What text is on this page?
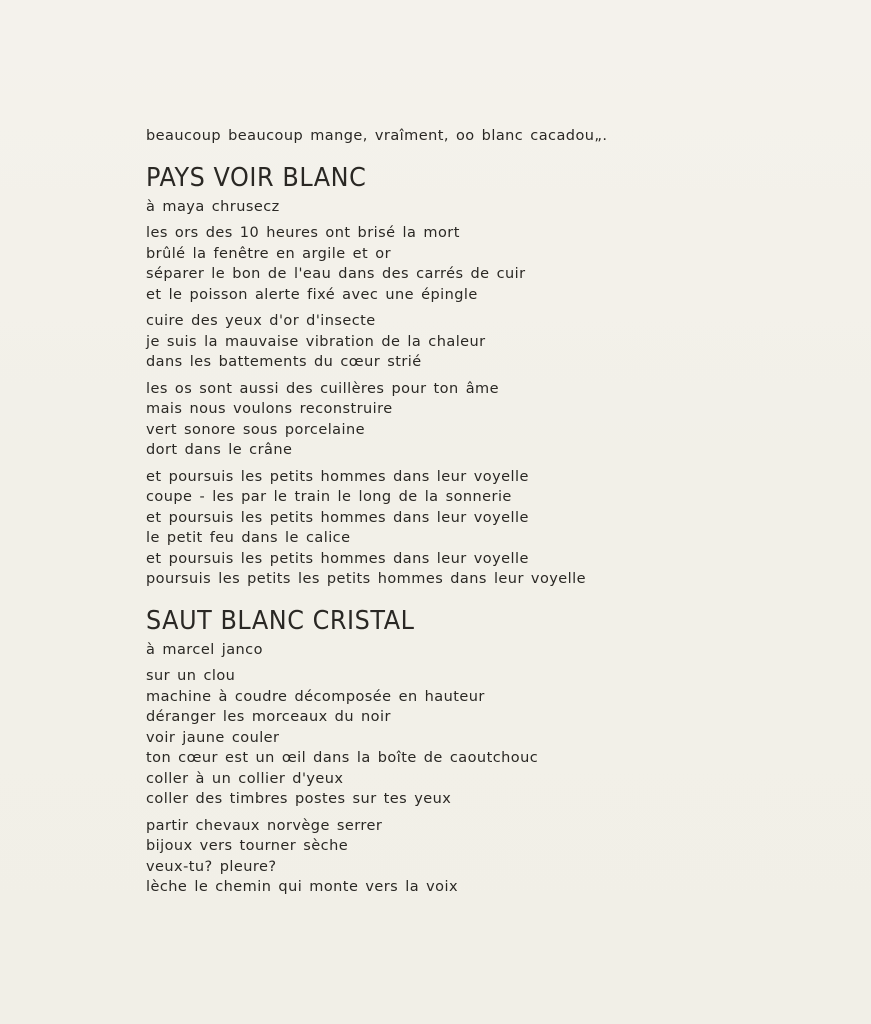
beaucoup beaucoup mange, vraîment, oo blanc cacadou„.
PAYS VOIR BLANC
à maya chrusecz
les ors des 10 heures ont brisé la mort
brûlé la fenêtre en argile et or
séparer le bon de l'eau dans des carrés de cuir
et le poisson alerte fixé avec une épingle
cuire des yeux d'or d'insecte
je suis la mauvaise vibration de la chaleur
dans les battements du cœur strié
les os sont aussi des cuillères pour ton âme
mais nous voulons reconstruire
vert sonore sous porcelaine
dort dans le crâne
et poursuis les petits hommes dans leur voyelle
coupe - les par le train le long de la sonnerie
et poursuis les petits hommes dans leur voyelle
le petit feu dans le calice
et poursuis les petits hommes dans leur voyelle
poursuis les petits les petits hommes dans leur voyelle
SAUT BLANC CRISTAL
à marcel janco
sur un clou
machine à coudre décomposée en hauteur
déranger les morceaux du noir
voir jaune couler
ton cœur est un œil dans la boîte de caoutchouc
coller à un collier d'yeux
coller des timbres postes sur tes yeux
partir chevaux norvège serrer
bijoux vers tourner sèche
veux-tu? pleure?
lèche le chemin qui monte vers la voix
